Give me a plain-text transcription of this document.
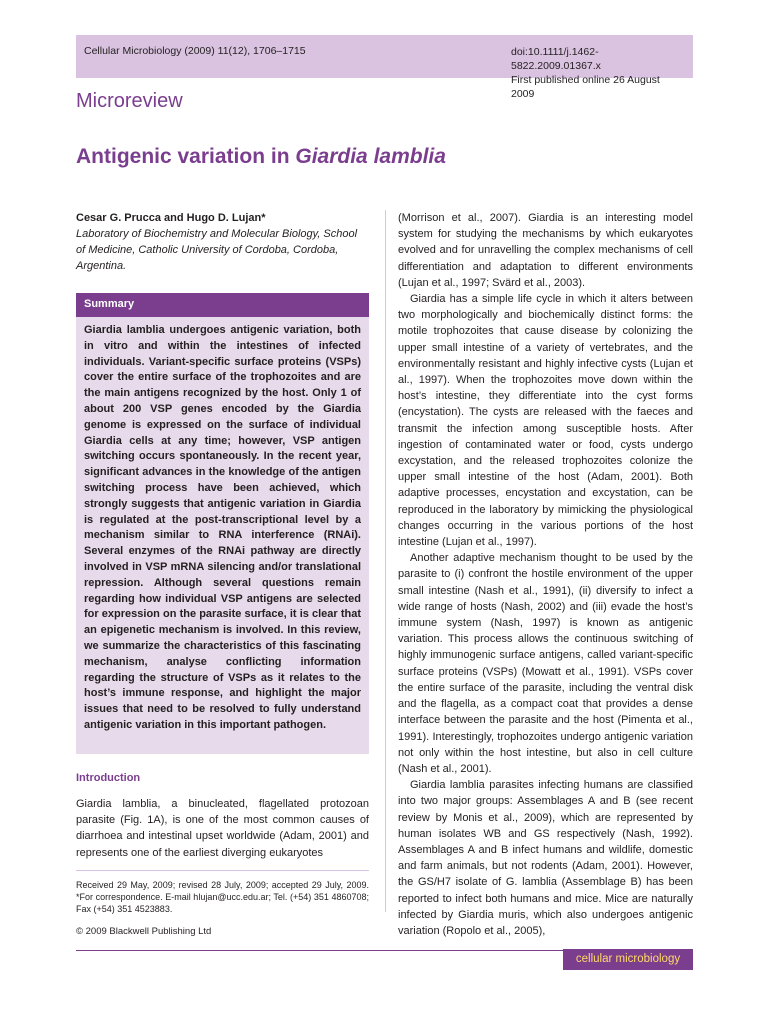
Cellular Microbiology (2009) 11(12), 1706–1715	doi:10.1111/j.1462-5822.2009.01367.x
First published online 26 August 2009
Microreview
Antigenic variation in Giardia lamblia
Cesar G. Prucca and Hugo D. Lujan*
Laboratory of Biochemistry and Molecular Biology, School of Medicine, Catholic University of Cordoba, Cordoba, Argentina.
Summary
Giardia lamblia undergoes antigenic variation, both in vitro and within the intestines of infected individuals. Variant-specific surface proteins (VSPs) cover the entire surface of the trophozoites and are the main antigens recognized by the host. Only 1 of about 200 VSP genes encoded by the Giardia genome is expressed on the surface of individual Giardia cells at any time; however, VSP antigen switching occurs spontaneously. In the recent year, significant advances in the knowledge of the antigen switching process have been achieved, which strongly suggests that antigenic variation in Giardia is regulated at the post-transcriptional level by a mechanism similar to RNA interference (RNAi). Several enzymes of the RNAi pathway are directly involved in VSP mRNA silencing and/or translational repression. Although several questions remain regarding how individual VSP antigens are selected for expression on the parasite surface, it is clear that an epigenetic mechanism is involved. In this review, we summarize the characteristics of this fascinating mechanism, analyse conflicting information regarding the structure of VSPs as it relates to the host’s immune response, and highlight the major issues that need to be resolved to fully understand antigenic variation in this important pathogen.
Introduction
Giardia lamblia, a binucleated, flagellated protozoan parasite (Fig. 1A), is one of the most common causes of diarrhoea and intestinal upset worldwide (Adam, 2001) and represents one of the earliest diverging eukaryotes
Received 29 May, 2009; revised 28 July, 2009; accepted 29 July, 2009. *For correspondence. E-mail hlujan@ucc.edu.ar; Tel. (+54) 351 4860708; Fax (+54) 351 4523883.
© 2009 Blackwell Publishing Ltd
cellular microbiology

(Morrison et al., 2007). Giardia is an interesting model system for studying the mechanisms by which eukaryotes evolved and for unravelling the complex mechanisms of cell differentiation and adaptation to different environments (Lujan et al., 1997; Svärd et al., 2003).

Giardia has a simple life cycle in which it alters between two morphologically and biochemically distinct forms: the motile trophozoites that cause disease by colonizing the upper small intestine of a variety of vertebrates, and the environmentally resistant and highly infective cysts (Lujan et al., 1997). When the trophozoites move down within the host’s intestine, they differentiate into the cyst forms (encystation). The cysts are released with the faeces and transmit the infection among susceptible hosts. After ingestion of contaminated water or food, cysts undergo excystation, and the released trophozoites colonize the upper small intestine of the host (Adam, 2001). Both adaptive processes, encystation and excystation, can be reproduced in the laboratory by mimicking the physiological changes occurring in the various portions of the host intestine (Lujan et al., 1997).

Another adaptive mechanism thought to be used by the parasite to (i) confront the hostile environment of the upper small intestine (Nash et al., 1991), (ii) diversify to infect a wide range of hosts (Nash, 2002) and (iii) evade the host’s immune system (Nash, 1997) is known as antigenic variation. This process allows the continuous switching of highly immunogenic surface antigens, called variant-specific surface proteins (VSPs) (Mowatt et al., 1991). VSPs cover the entire surface of the parasite, including the ventral disk and the flagella, as a compact coat that provides a dense interface between the parasite and the host (Pimenta et al., 1991). Interestingly, trophozoites undergo antigenic variation not only within the host intestine, but also in cell culture (Nash et al., 2001).

Giardia lamblia parasites infecting humans are classified into two major groups: Assemblages A and B (see recent review by Monis et al., 2009), which are represented by human isolates WB and GS respectively (Nash, 1992). Assemblages A and B infect humans and wildlife, domestic and farm animals, but not rodents (Adam, 2001). However, the GS/H7 isolate of G. lamblia (Assemblage B) has been reported to infect both humans and mice. Mice are naturally infected by Giardia muris, which also undergoes antigenic variation (Ropolo et al., 2005),
